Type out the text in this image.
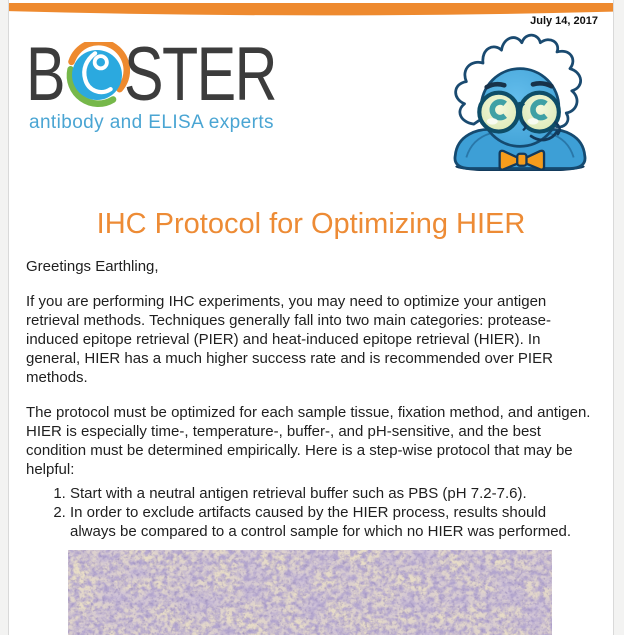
July 14, 2017
B STER
antibody and ELISA experts
IHC Protocol for Optimizing HIER

Greetings Earthling,

If you are performing IHC experiments, you may need to optimize your antigen retrieval methods. Techniques generally fall into two main categories: protease-induced epitope retrieval (PIER) and heat-induced epitope retrieval (HIER). In general, HIER has a much higher success rate and is recommended over PIER methods.

The protocol must be optimized for each sample tissue, fixation method, and antigen. HIER is especially time-, temperature-, buffer-, and pH-sensitive, and the best condition must be determined empirically. Here is a step-wise protocol that may be helpful:

1. Start with a neutral antigen retrieval buffer such as PBS (pH 7.2-7.6).
2. In order to exclude artifacts caused by the HIER process, results should always be compared to a control sample for which no HIER was performed.
